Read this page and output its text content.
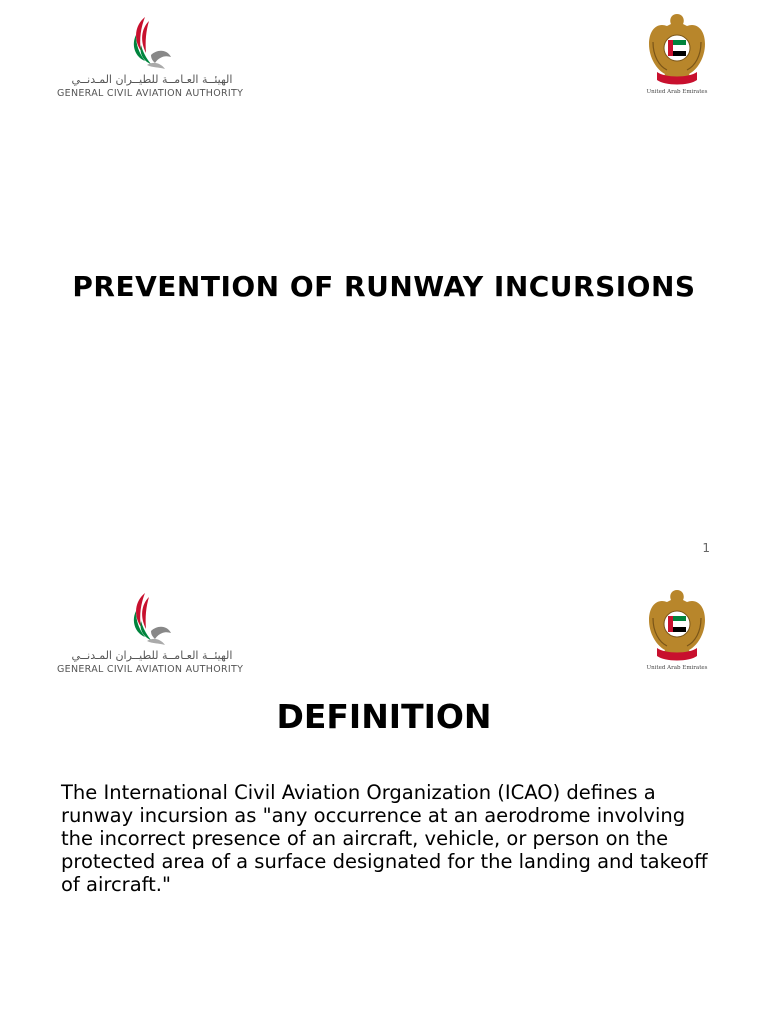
الهيئــة العـامــة للطيــران المـدنــي
GENERAL CIVIL AVIATION AUTHORITY	United Arab Emirates
PREVENTION OF RUNWAY INCURSIONS
1
الهيئــة العـامــة للطيــران المـدنــي
GENERAL CIVIL AVIATION AUTHORITY	United Arab Emirates
DEFINITION
The International Civil Aviation Organization (ICAO) defines a runway incursion as "any occurrence at an aerodrome involving the incorrect presence of an aircraft, vehicle, or person on the protected area of a surface designated for the landing and takeoff of aircraft."
